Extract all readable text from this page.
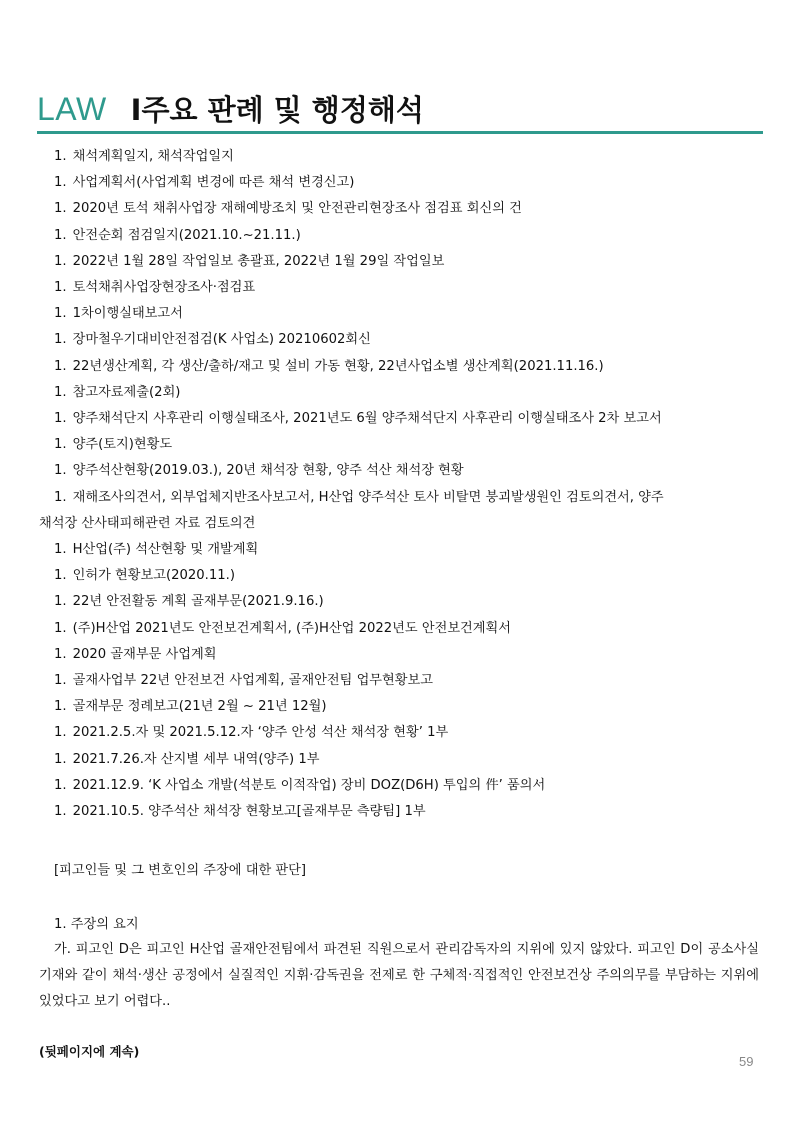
LAW Ⅰ주요 판례 및 행정해석
1. 채석계획일지, 채석작업일지
1. 사업계획서(사업계획 변경에 따른 채석 변경신고)
1. 2020년 토석 채취사업장 재해예방조치 및 안전관리현장조사 점검표 회신의 건
1. 안전순회 점검일지(2021.10.~21.11.)
1. 2022년 1월 28일 작업일보 총괄표, 2022년 1월 29일 작업일보
1. 토석채취사업장현장조사·점검표
1. 1차이행실태보고서
1. 장마철우기대비안전점검(K 사업소) 20210602회신
1. 22년생산계획, 각 생산/출하/재고 및 설비 가동 현황, 22년사업소별 생산계획(2021.11.16.)
1. 참고자료제출(2회)
1. 양주채석단지 사후관리 이행실태조사, 2021년도 6월 양주채석단지 사후관리 이행실태조사 2차 보고서
1. 양주(토지)현황도
1. 양주석산현황(2019.03.), 20년 채석장 현황, 양주 석산 채석장 현황
1. 재해조사의견서, 외부업체지반조사보고서, H산업 양주석산 토사 비탈면 붕괴발생원인 검토의견서, 양주
채석장 산사태피해관련 자료 검토의견
1. H산업(주) 석산현황 및 개발계획
1. 인허가 현황보고(2020.11.)
1. 22년 안전활동 계획 골재부문(2021.9.16.)
1. (주)H산업 2021년도 안전보건계획서, (주)H산업 2022년도 안전보건계획서
1. 2020 골재부문 사업계획
1. 골재사업부 22년 안전보건 사업계획, 골재안전팀 업무현황보고
1. 골재부문 정례보고(21년 2월 ~ 21년 12월)
1. 2021.2.5.자 및 2021.5.12.자 ‘양주 안성 석산 채석장 현황’ 1부
1. 2021.7.26.자 산지별 세부 내역(양주) 1부
1. 2021.12.9. ‘K 사업소 개발(석분토 이적작업) 장비 DOZ(D6H) 투입의 件’ 품의서
1. 2021.10.5. 양주석산 채석장 현황보고[골재부문 측량팀] 1부
[피고인들 및 그 변호인의 주장에 대한 판단]
1. 주장의 요지
가. 피고인 D은 피고인 H산업 골재안전팀에서 파견된 직원으로서 관리감독자의 지위에 있지 않았다. 피고인 D이 공소사실 기재와 같이 채석·생산 공정에서 실질적인 지휘·감독권을 전제로 한 구체적·직접적인 안전보건상 주의의무를 부담하는 지위에 있었다고 보기 어렵다..
(뒷페이지에 계속)
59
